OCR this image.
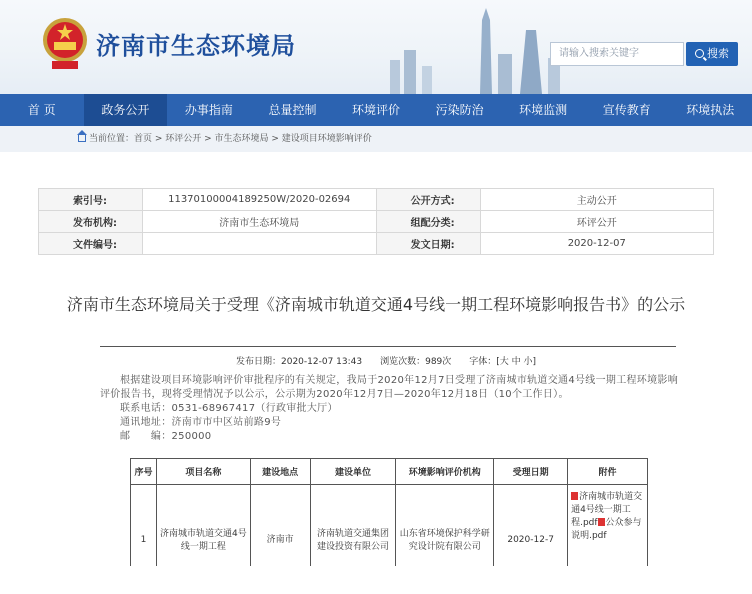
济南市生态环境局	请输入搜索关键字	搜索
首 页	政务公开	办事指南	总量控制	环境评价	污染防治	环境监测	宣传教育	环境执法
当前位置：首页 > 环评公开 > 市生态环境局 > 建设项目环境影响评价
索引号:	11370100004189250W/2020-02694	公开方式:	主动公开
发布机构:	济南市生态环境局	组配分类:	环评公开
文件编号:		发文日期:	2020-12-07
济南市生态环境局关于受理《济南城市轨道交通4号线一期工程环境影响报告书》的公示
发布日期：2020-12-07 13:43　　浏览次数：989次　　字体：[大 中 小]
根据建设项目环境影响评价审批程序的有关规定，我局于2020年12月7日受理了济南城市轨道交通4号线一期工程环境影响评价报告书，现将受理情况予以公示，公示期为2020年12月7日—2020年12月18日（10个工作日）。
联系电话：0531-68967417（行政审批大厅）
通讯地址：济南市市中区站前路9号
邮　　编：250000
序号	项目名称	建设地点	建设单位	环境影响评价机构	受理日期	附件
1	济南城市轨道交通4号线一期工程	济南市	济南轨道交通集团建设投资有限公司	山东省环境保护科学研究设计院有限公司	2020-12-7	济南城市轨道交通4号线一期工程.pdf 公众参与说明.pdf
